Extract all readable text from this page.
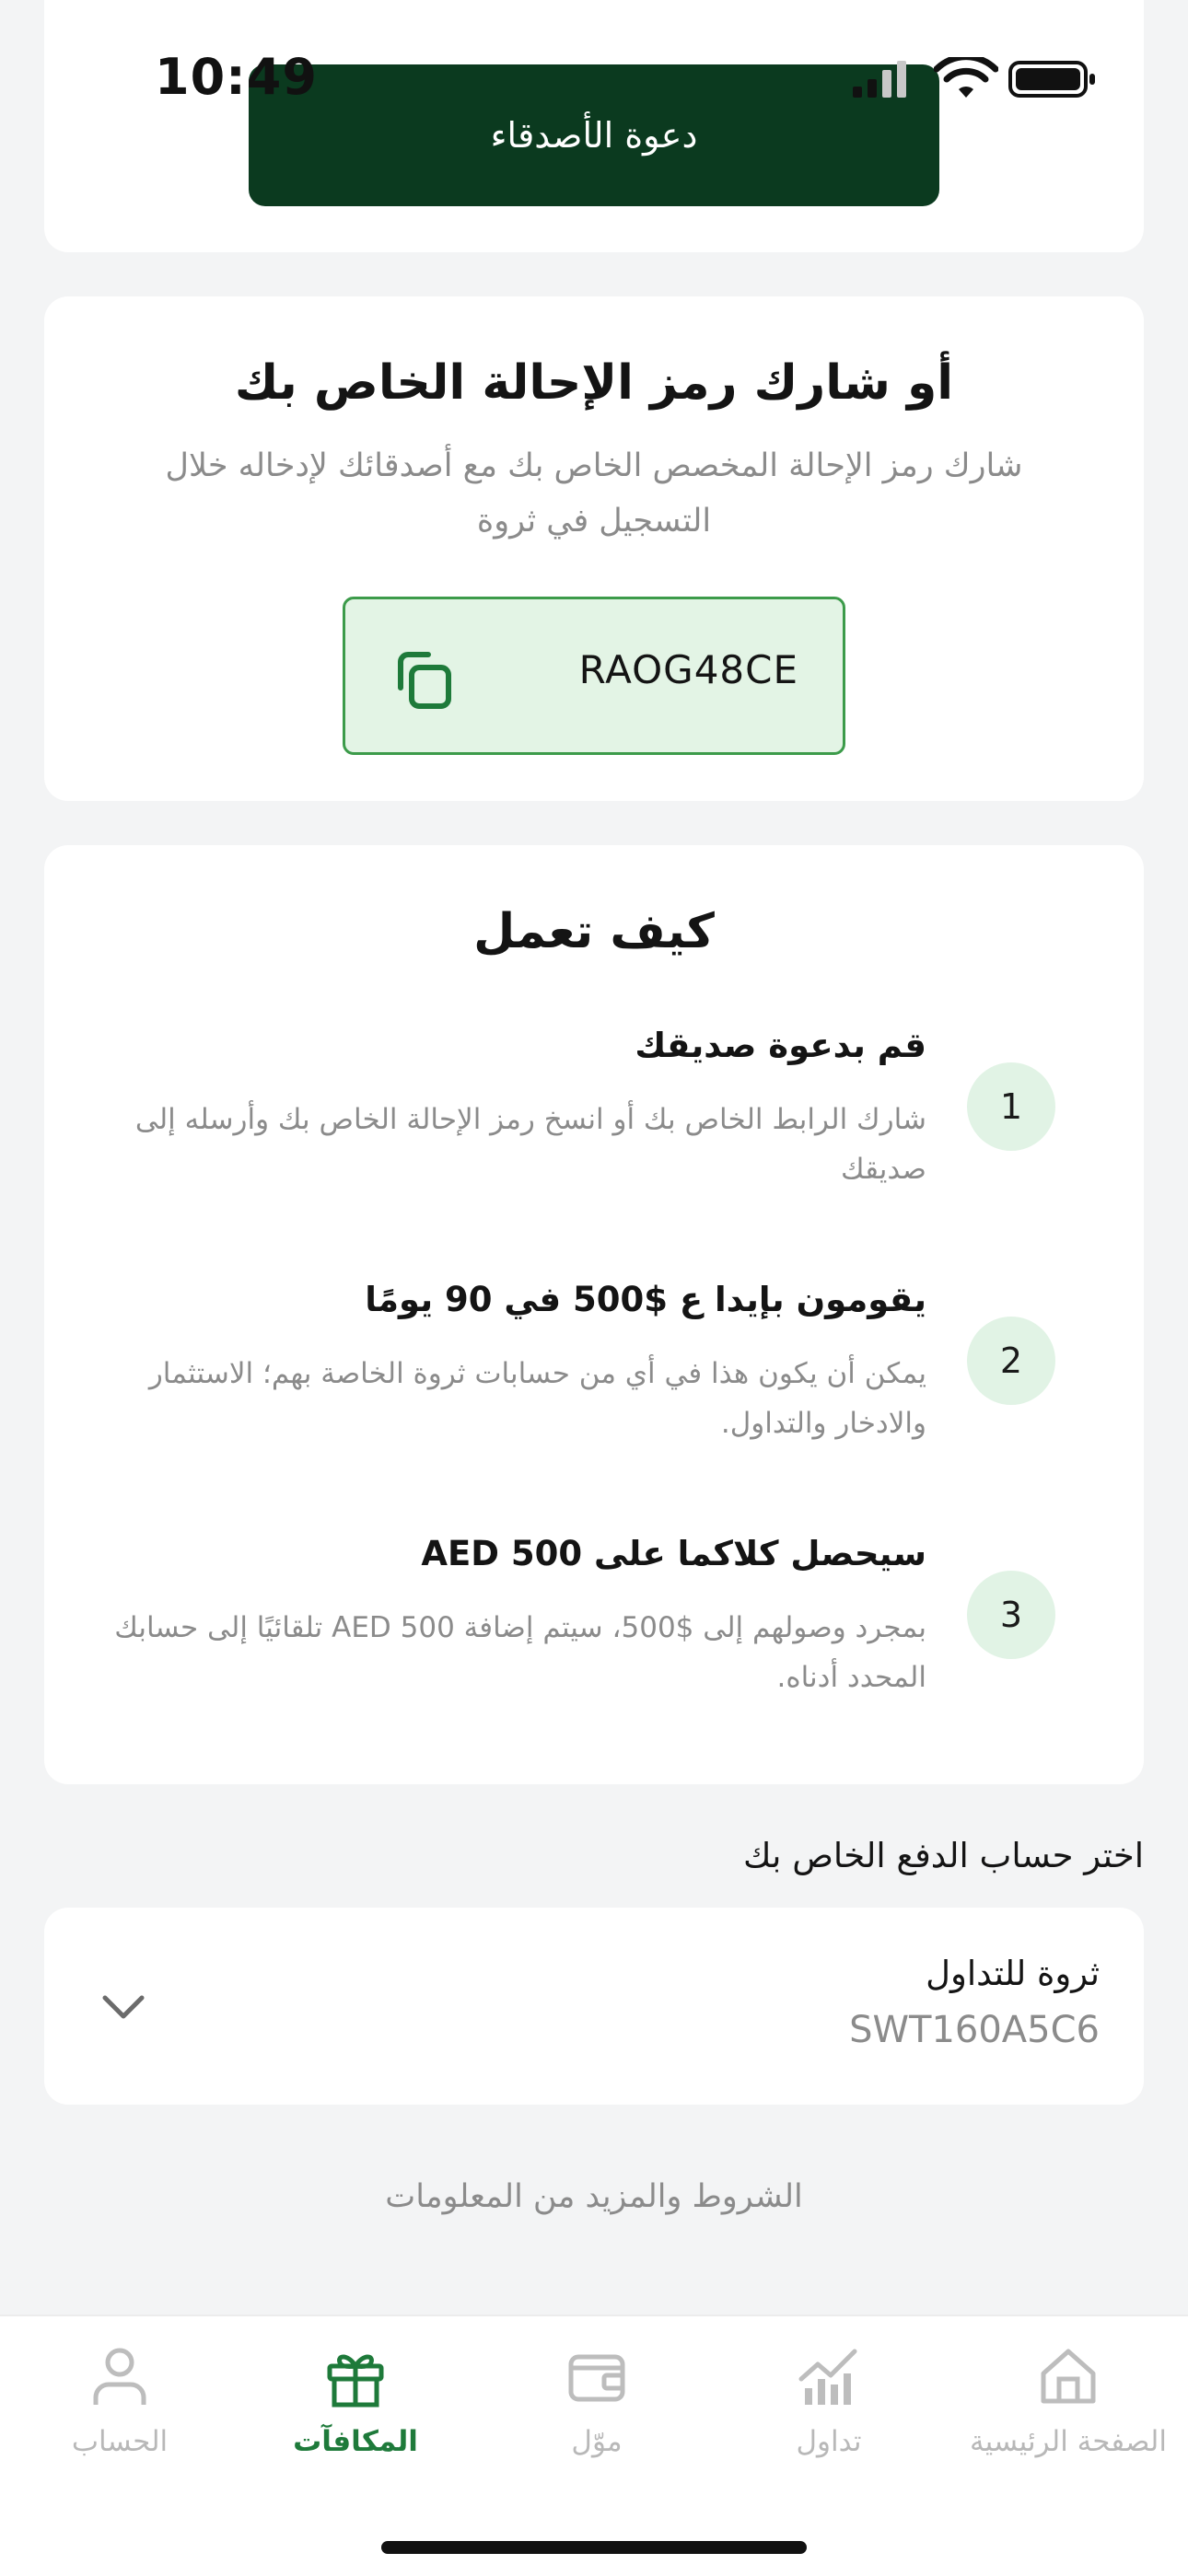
دعوة الأصدقاء
10:49
أو شارك رمز الإحالة الخاص بك
شارك رمز الإحالة المخصص الخاص بك مع أصدقائك لإدخاله خلال
التسجيل في ثروة
RAOG48CE
كيف تعمل
1
قم بدعوة صديقك
شارك الرابط الخاص بك أو انسخ رمز الإحالة الخاص بك وأرسله إلى
صديقك
2
يقومون بإيدا ع $500 في 90 يومًا
يمكن أن يكون هذا في أي من حسابات ثروة الخاصة بهم؛ الاستثمار
والادخار والتداول.
3
سيحصل كلاكما على AED 500
بمجرد وصولهم إلى $500، سيتم إضافة AED 500 تلقائيًا إلى حسابك
المحدد أدناه.
اختر حساب الدفع الخاص بك
ثروة للتداول
SWT160A5C6
الشروط والمزيد من المعلومات
الصفحة الرئيسية
تداول
موّل
المكافآت
الحساب
